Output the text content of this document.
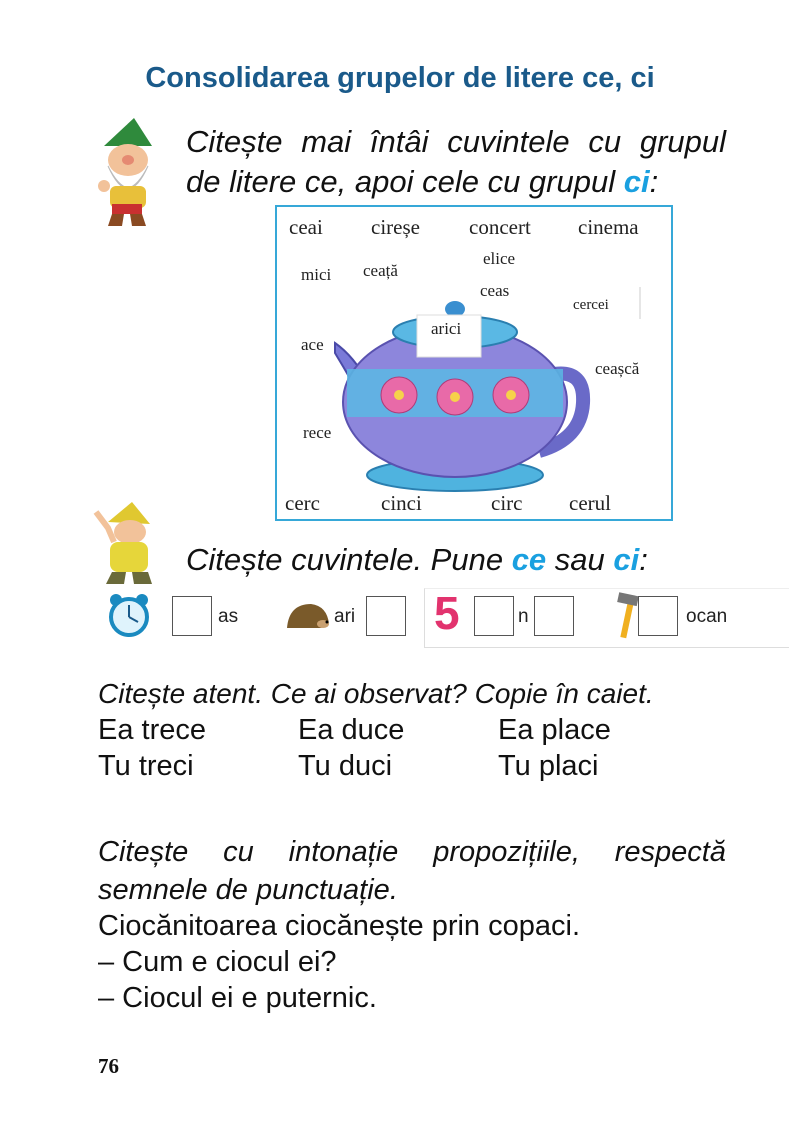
Consolidarea grupelor de litere ce, ci
Citește mai întâi cuvintele cu grupul
de litere ce, apoi cele cu grupul ci:
ceai cireșe concert cinema
mici ceață
elice
ceas
cercei
arici
ace
ceașcă
rece
cerc	cinci	circ cerul
Citește cuvintele. Pune ce sau ci:
as	ari 5	n	ocan
Citește atent. Ce ai observat? Copie în caiet.
Ea trece	Ea duce	Ea place
Tu treci	Tu duci	Tu placi
Citește cu intonație propozițiile, respectă
semnele de punctuație.
Ciocănitoarea ciocănește prin copaci.
– Cum e ciocul ei?
– Ciocul ei e puternic.
76
